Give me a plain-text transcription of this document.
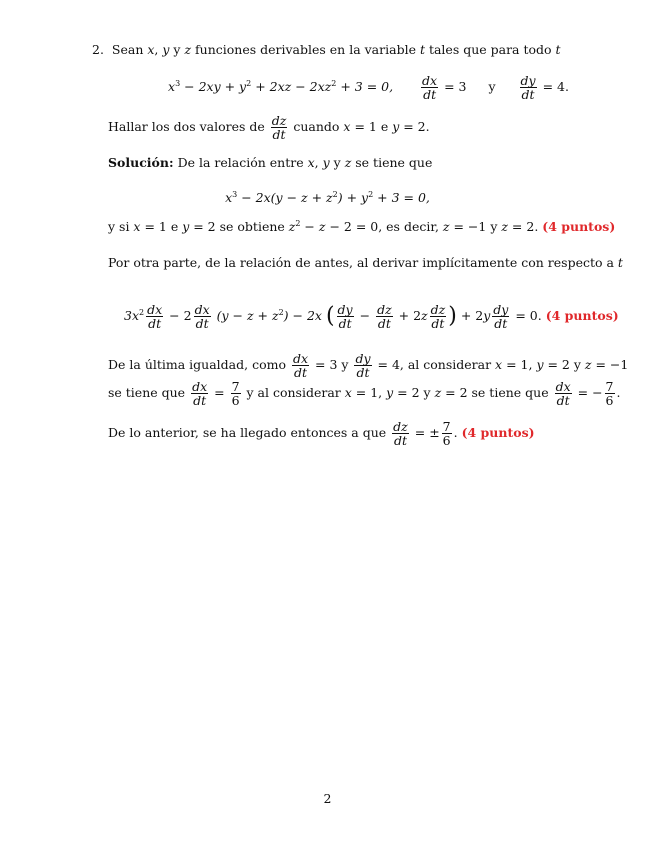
2. Sean x, y y z funciones derivables en la variable t tales que para todo t
$x^3 - 2xy + y^2 + 2xz - 2xz^2 + 3 = 0$, $\frac{dx}{dt} = 3$ y $\frac{dy}{dt} = 4$.
Hallar los dos valores de $\frac{dz}{dt}$ cuando x = 1 e y = 2.
Solución: De la relación entre x, y y z se tiene que
$x^3 - 2x(y - z + z^2) + y^2 + 3 = 0$,
y si x = 1 e y = 2 se obtiene $z^2 - z - 2 = 0$, es decir, z = −1 y z = 2. (4 puntos)
Por otra parte, de la relación de antes, al derivar implícitamente con respecto a t
$3x^2 \frac{dx}{dt} - 2 \frac{dx}{dt} (y - z + z^2) - 2x$ ( $\frac{dy}{dt} - \frac{dz}{dt} + 2z \frac{dz}{dt}$ ) + $2y \frac{dy}{dt} = 0$. (4 puntos)
De la última igualdad, como $\frac{dx}{dt} = 3$ y $\frac{dy}{dt} = 4$, al considerar x = 1, y = 2 y z = −1
se tiene que $\frac{dx}{dt} = \frac{7}{6}$ y al considerar x = 1, y = 2 y z = 2 se tiene que $\frac{dx}{dt}$ = − $\frac{7}{6}$ .
De lo anterior, se ha llegado entonces a que $\frac{dz}{dt}$ = ± $\frac{7}{6}$ . (4 puntos)
2
